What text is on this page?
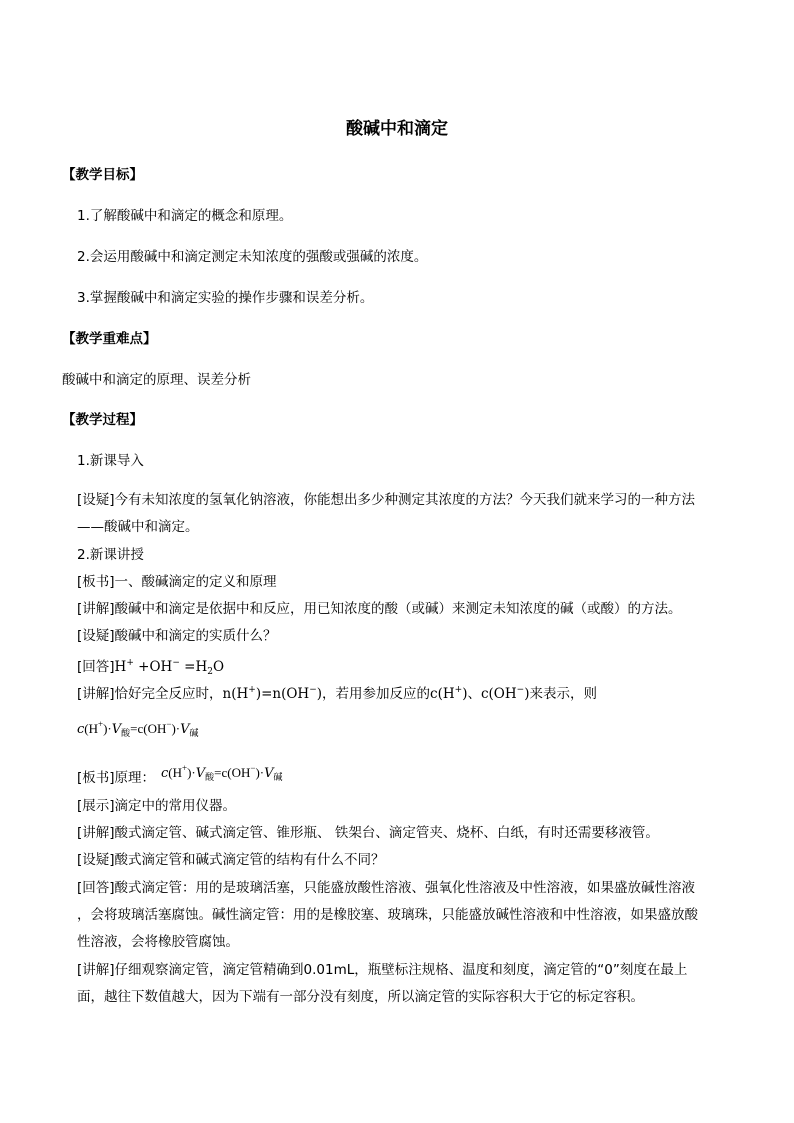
酸碱中和滴定
【教学目标】
1.了解酸碱中和滴定的概念和原理。
2.会运用酸碱中和滴定测定未知浓度的强酸或强碱的浓度。
3.掌握酸碱中和滴定实验的操作步骤和误差分析。
【教学重难点】
酸碱中和滴定的原理、误差分析
【教学过程】
1.新课导入
[设疑]今有未知浓度的氢氧化钠溶液，你能想出多少种测定其浓度的方法？今天我们就来学习的一种方法
——酸碱中和滴定。
2.新课讲授
[板书]一、酸碱滴定的定义和原理
[讲解]酸碱中和滴定是依据中和反应，用已知浓度的酸（或碱）来测定未知浓度的碱（或酸）的方法。
[设疑]酸碱中和滴定的实质什么？
[回答]$H^+ +OH^- =H_2O$
[讲解]恰好完全反应时，n(H+)=n(OH−)，若用参加反应的c(H+)、c(OH−)来表示，则
$c(H^+)\cdot V_酸=c(OH^-)\cdot V_碱$
[板书]原理： $c(H^+)\cdot V_酸=c(OH^-)\cdot V_碱$
[展示]滴定中的常用仪器。
[讲解]酸式滴定管、碱式滴定管、锥形瓶、 铁架台、滴定管夹、烧杯、白纸，有时还需要移液管。
[设疑]酸式滴定管和碱式滴定管的结构有什么不同？
[回答]酸式滴定管：用的是玻璃活塞，只能盛放酸性溶液、强氧化性溶液及中性溶液，如果盛放碱性溶液
，会将玻璃活塞腐蚀。碱性滴定管：用的是橡胶塞、玻璃珠，只能盛放碱性溶液和中性溶液，如果盛放酸
性溶液，会将橡胶管腐蚀。
[讲解]仔细观察滴定管，滴定管精确到0.01mL，瓶壁标注规格、温度和刻度，滴定管的“0”刻度在最上
面，越往下数值越大，因为下端有一部分没有刻度，所以滴定管的实际容积大于它的标定容积。
